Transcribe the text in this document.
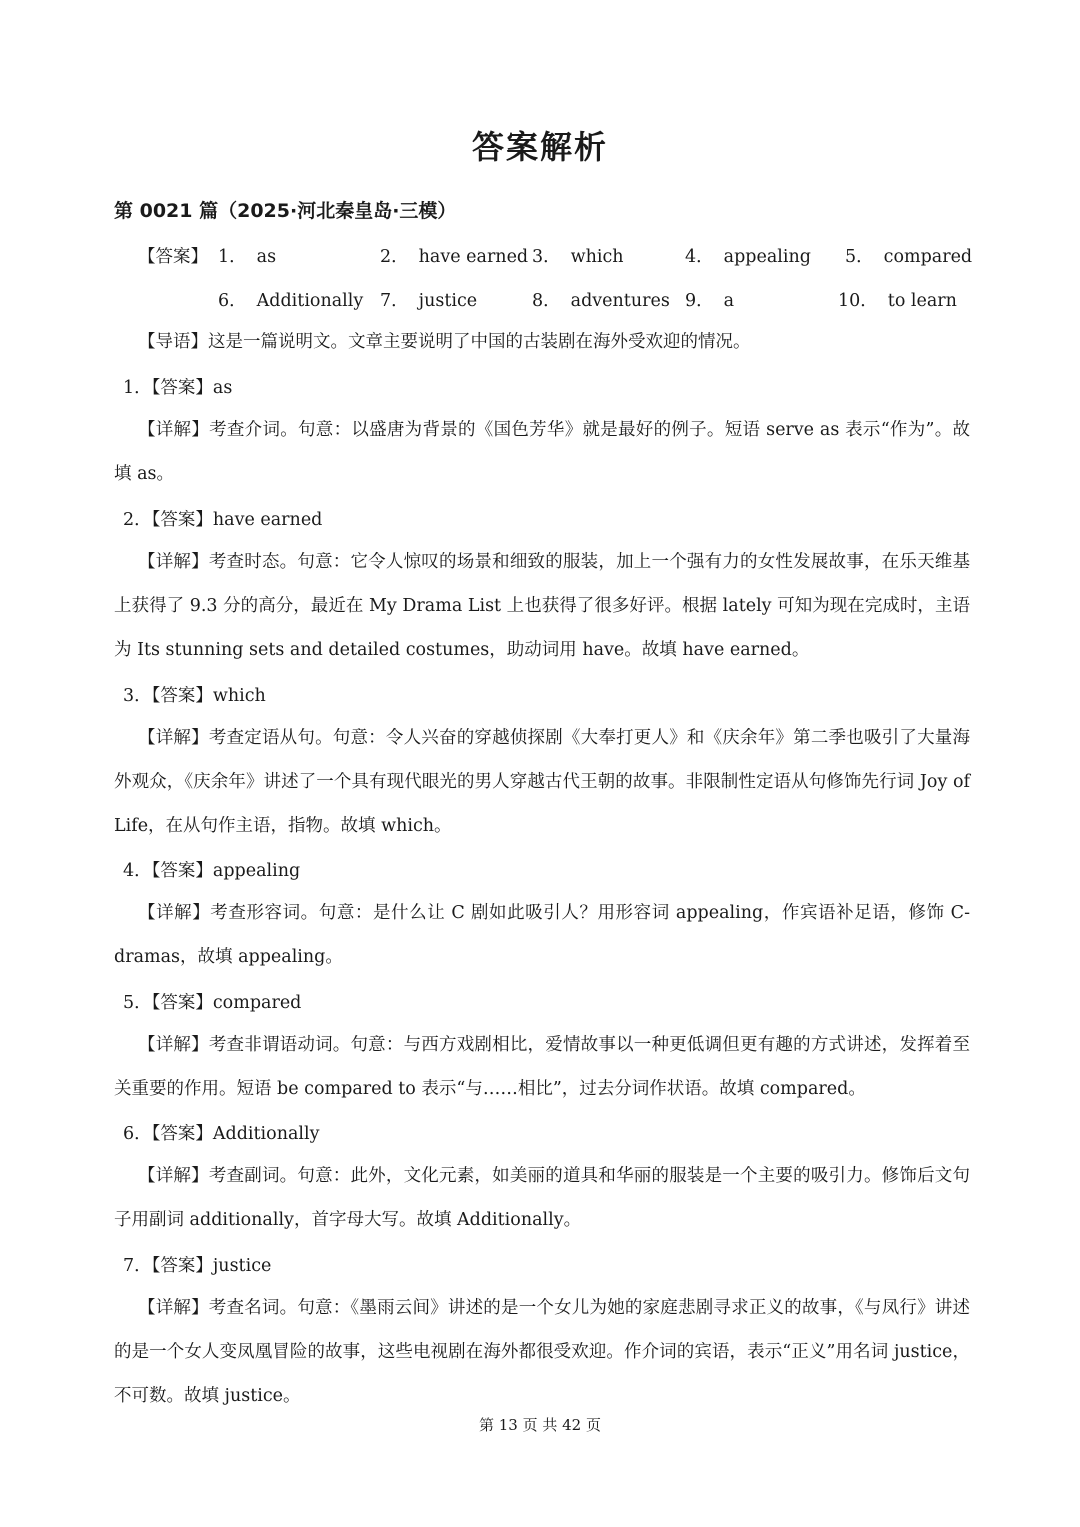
答案解析
第 0021 篇（2025·河北秦皇岛·三模）
【答案】 1． as	2． have earned 3． which	4． appealing 5． compared
6． Additionally 7． justice	8． adventures 9． a	10． to learn
【导语】这是一篇说明文。文章主要说明了中国的古装剧在海外受欢迎的情况。
1．【答案】as
【详解】考查介词。句意：以盛唐为背景的《国色芳华》就是最好的例子。短语 serve as 表示“作为”。故填 as。
2．【答案】have earned
【详解】考查时态。句意：它令人惊叹的场景和细致的服装，加上一个强有力的女性发展故事，在乐天维基上获得了 9.3 分的高分，最近在 My Drama List 上也获得了很多好评。根据 lately 可知为现在完成时，主语为 Its stunning sets and detailed costumes，助动词用 have。故填 have earned。
3．【答案】which
【详解】考查定语从句。句意：令人兴奋的穿越侦探剧《大奉打更人》和《庆余年》第二季也吸引了大量海外观众，《庆余年》讲述了一个具有现代眼光的男人穿越古代王朝的故事。非限制性定语从句修饰先行词 Joy of Life，在从句作主语，指物。故填 which。
4．【答案】appealing
【详解】考查形容词。句意：是什么让 C 剧如此吸引人？用形容词 appealing，作宾语补足语，修饰 C-dramas，故填 appealing。
5．【答案】compared
【详解】考查非谓语动词。句意：与西方戏剧相比，爱情故事以一种更低调但更有趣的方式讲述，发挥着至关重要的作用。短语 be compared to 表示“与……相比”，过去分词作状语。故填 compared。
6．【答案】Additionally
【详解】考查副词。句意：此外，文化元素，如美丽的道具和华丽的服装是一个主要的吸引力。修饰后文句子用副词 additionally，首字母大写。故填 Additionally。
7．【答案】justice
【详解】考查名词。句意：《墨雨云间》讲述的是一个女儿为她的家庭悲剧寻求正义的故事，《与凤行》讲述的是一个女人变凤凰冒险的故事，这些电视剧在海外都很受欢迎。作介词的宾语，表示“正义”用名词 justice，不可数。故填 justice。
第 13 页 共 42 页
